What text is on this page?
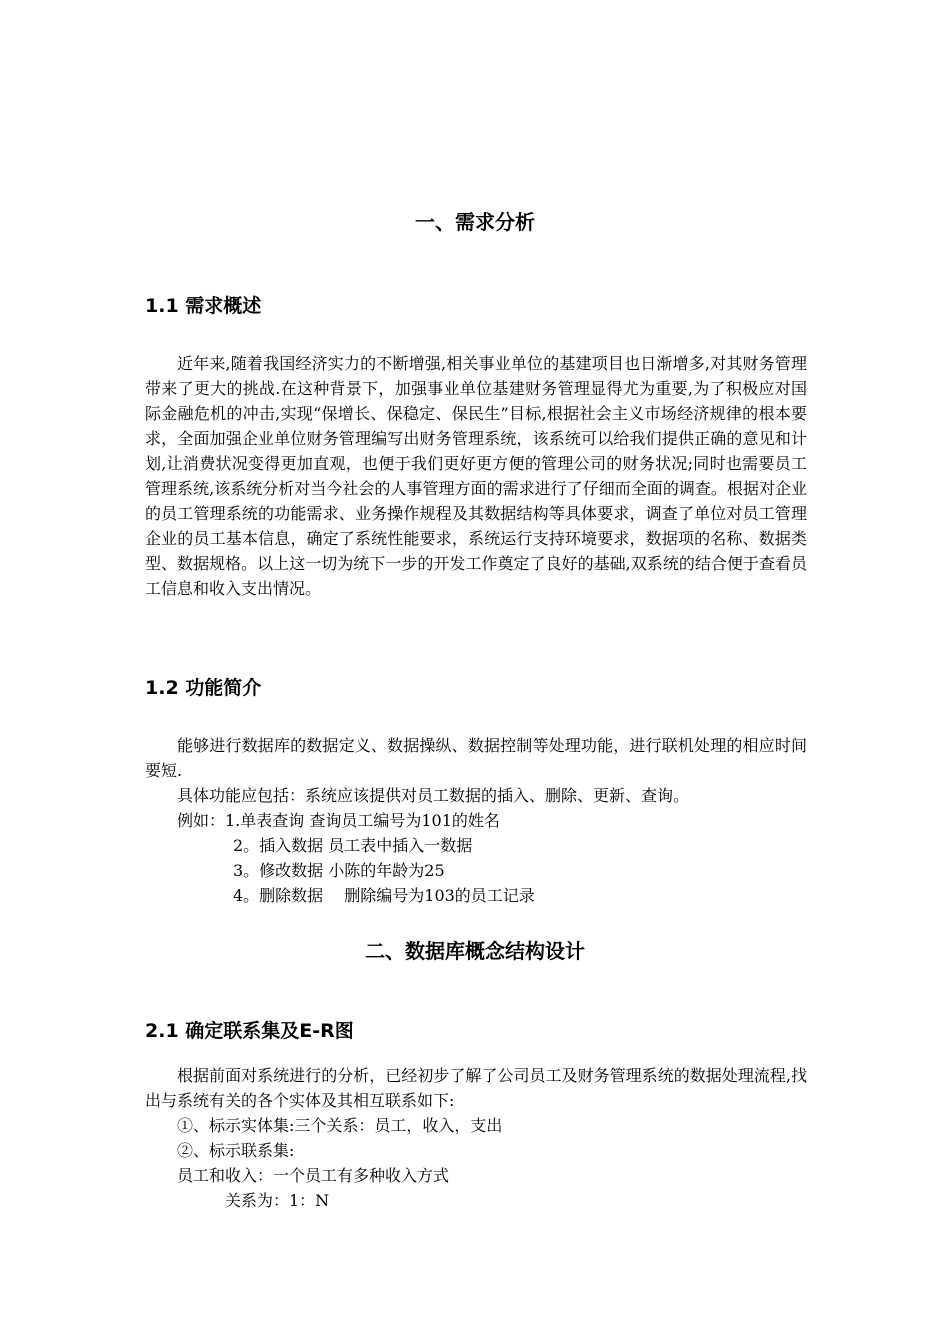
一、需求分析
1.1 需求概述
近年来,随着我国经济实力的不断增强,相关事业单位的基建项目也日渐增多,对其财务管理带来了更大的挑战.在这种背景下，加强事业单位基建财务管理显得尤为重要,为了积极应对国际金融危机的冲击,实现“保增长、保稳定、保民生”目标,根据社会主义市场经济规律的根本要求，全面加强企业单位财务管理编写出财务管理系统，该系统可以给我们提供正确的意见和计划,让消费状况变得更加直观，也便于我们更好更方便的管理公司的财务状况;同时也需要员工管理系统,该系统分析对当今社会的人事管理方面的需求进行了仔细而全面的调查。根据对企业的员工管理系统的功能需求、业务操作规程及其数据结构等具体要求，调查了单位对员工管理企业的员工基本信息，确定了系统性能要求，系统运行支持环境要求，数据项的名称、数据类型、数据规格。以上这一切为统下一步的开发工作奠定了良好的基础,双系统的结合便于查看员工信息和收入支出情况。
1.2 功能简介
能够进行数据库的数据定义、数据操纵、数据控制等处理功能，进行联机处理的相应时间要短.
具体功能应包括：系统应该提供对员工数据的插入、删除、更新、查询。
例如：1.单表查询 查询员工编号为101的姓名
2。插入数据 员工表中插入一数据
3。修改数据 小陈的年龄为25
4。删除数据　 删除编号为103的员工记录
二、数据库概念结构设计
2.1 确定联系集及E-R图
根据前面对系统进行的分析，已经初步了解了公司员工及财务管理系统的数据处理流程,找出与系统有关的各个实体及其相互联系如下:
①、标示实体集:三个关系：员工，收入，支出
②、标示联系集:
员工和收入：一个员工有多种收入方式
关系为：1：N
